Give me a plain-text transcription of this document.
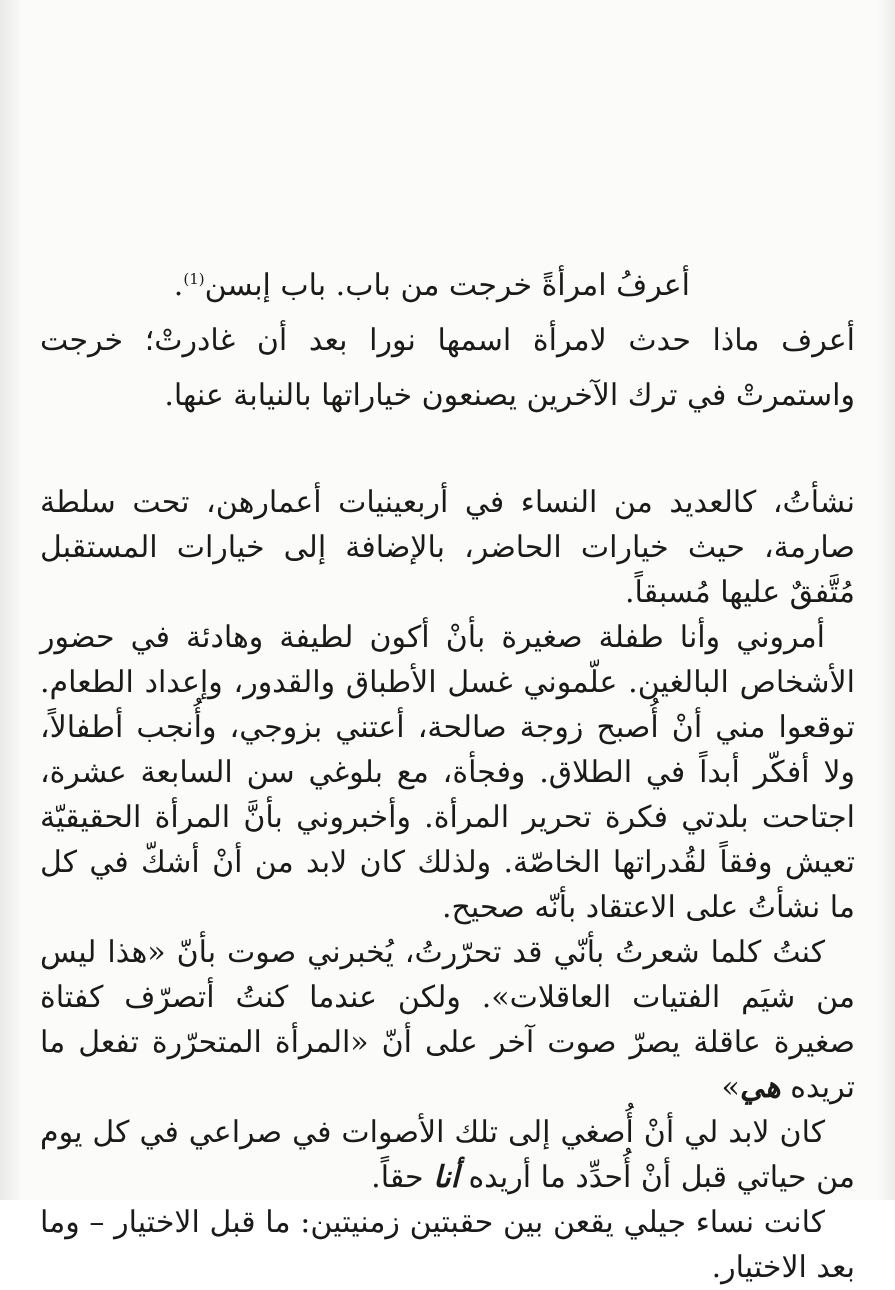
أعرفُ امرأةً خرجت من باب. باب إبسن$^{(1)}$.

أعرف ماذا حدث لامرأة اسمها نورا بعد أن غادرتْ؛ خرجت واستمرتْ في ترك الآخرين يصنعون خياراتها بالنيابة عنها.

نشأتُ، كالعديد من النساء في أربعينيات أعمارهن، تحت سلطة صارمة، حيث خيارات الحاضر، بالإضافة إلى خيارات المستقبل مُتَّفقٌ عليها مُسبقاً.

أمروني وأنا طفلة صغيرة بأنْ أكون لطيفة وهادئة في حضور الأشخاص البالغين. علّموني غسل الأطباق والقدور، وإعداد الطعام. توقعوا مني أنْ أُصبح زوجة صالحة، أعتني بزوجي، وأُنجب أطفالاً، ولا أفكّر أبداً في الطلاق. وفجأة، مع بلوغي سن السابعة عشرة، اجتاحت بلدتي فكرة تحرير المرأة. وأخبروني بأنَّ المرأة الحقيقيّة تعيش وفقاً لقُدراتها الخاصّة. ولذلك كان لابد من أنْ أشكّ في كل ما نشأتُ على الاعتقاد بأنّه صحيح.

كنتُ كلما شعرتُ بأنّي قد تحرّرتُ، يُخبرني صوت بأنّ «هذا ليس من شيَم الفتيات العاقلات». ولكن عندما كنتُ أتصرّف كفتاة صغيرة عاقلة يصرّ صوت آخر على أنّ «المرأة المتحرّرة تفعل ما تريده هي»

كان لابد لي أنْ أُصغي إلى تلك الأصوات في صراعي في كل يوم من حياتي قبل أنْ أُحدِّد ما أريده أنا حقاً.

كانت نساء جيلي يقعن بين حقبتين زمنيتين: ما قبل الاختيار – وما بعد الاختيار.
